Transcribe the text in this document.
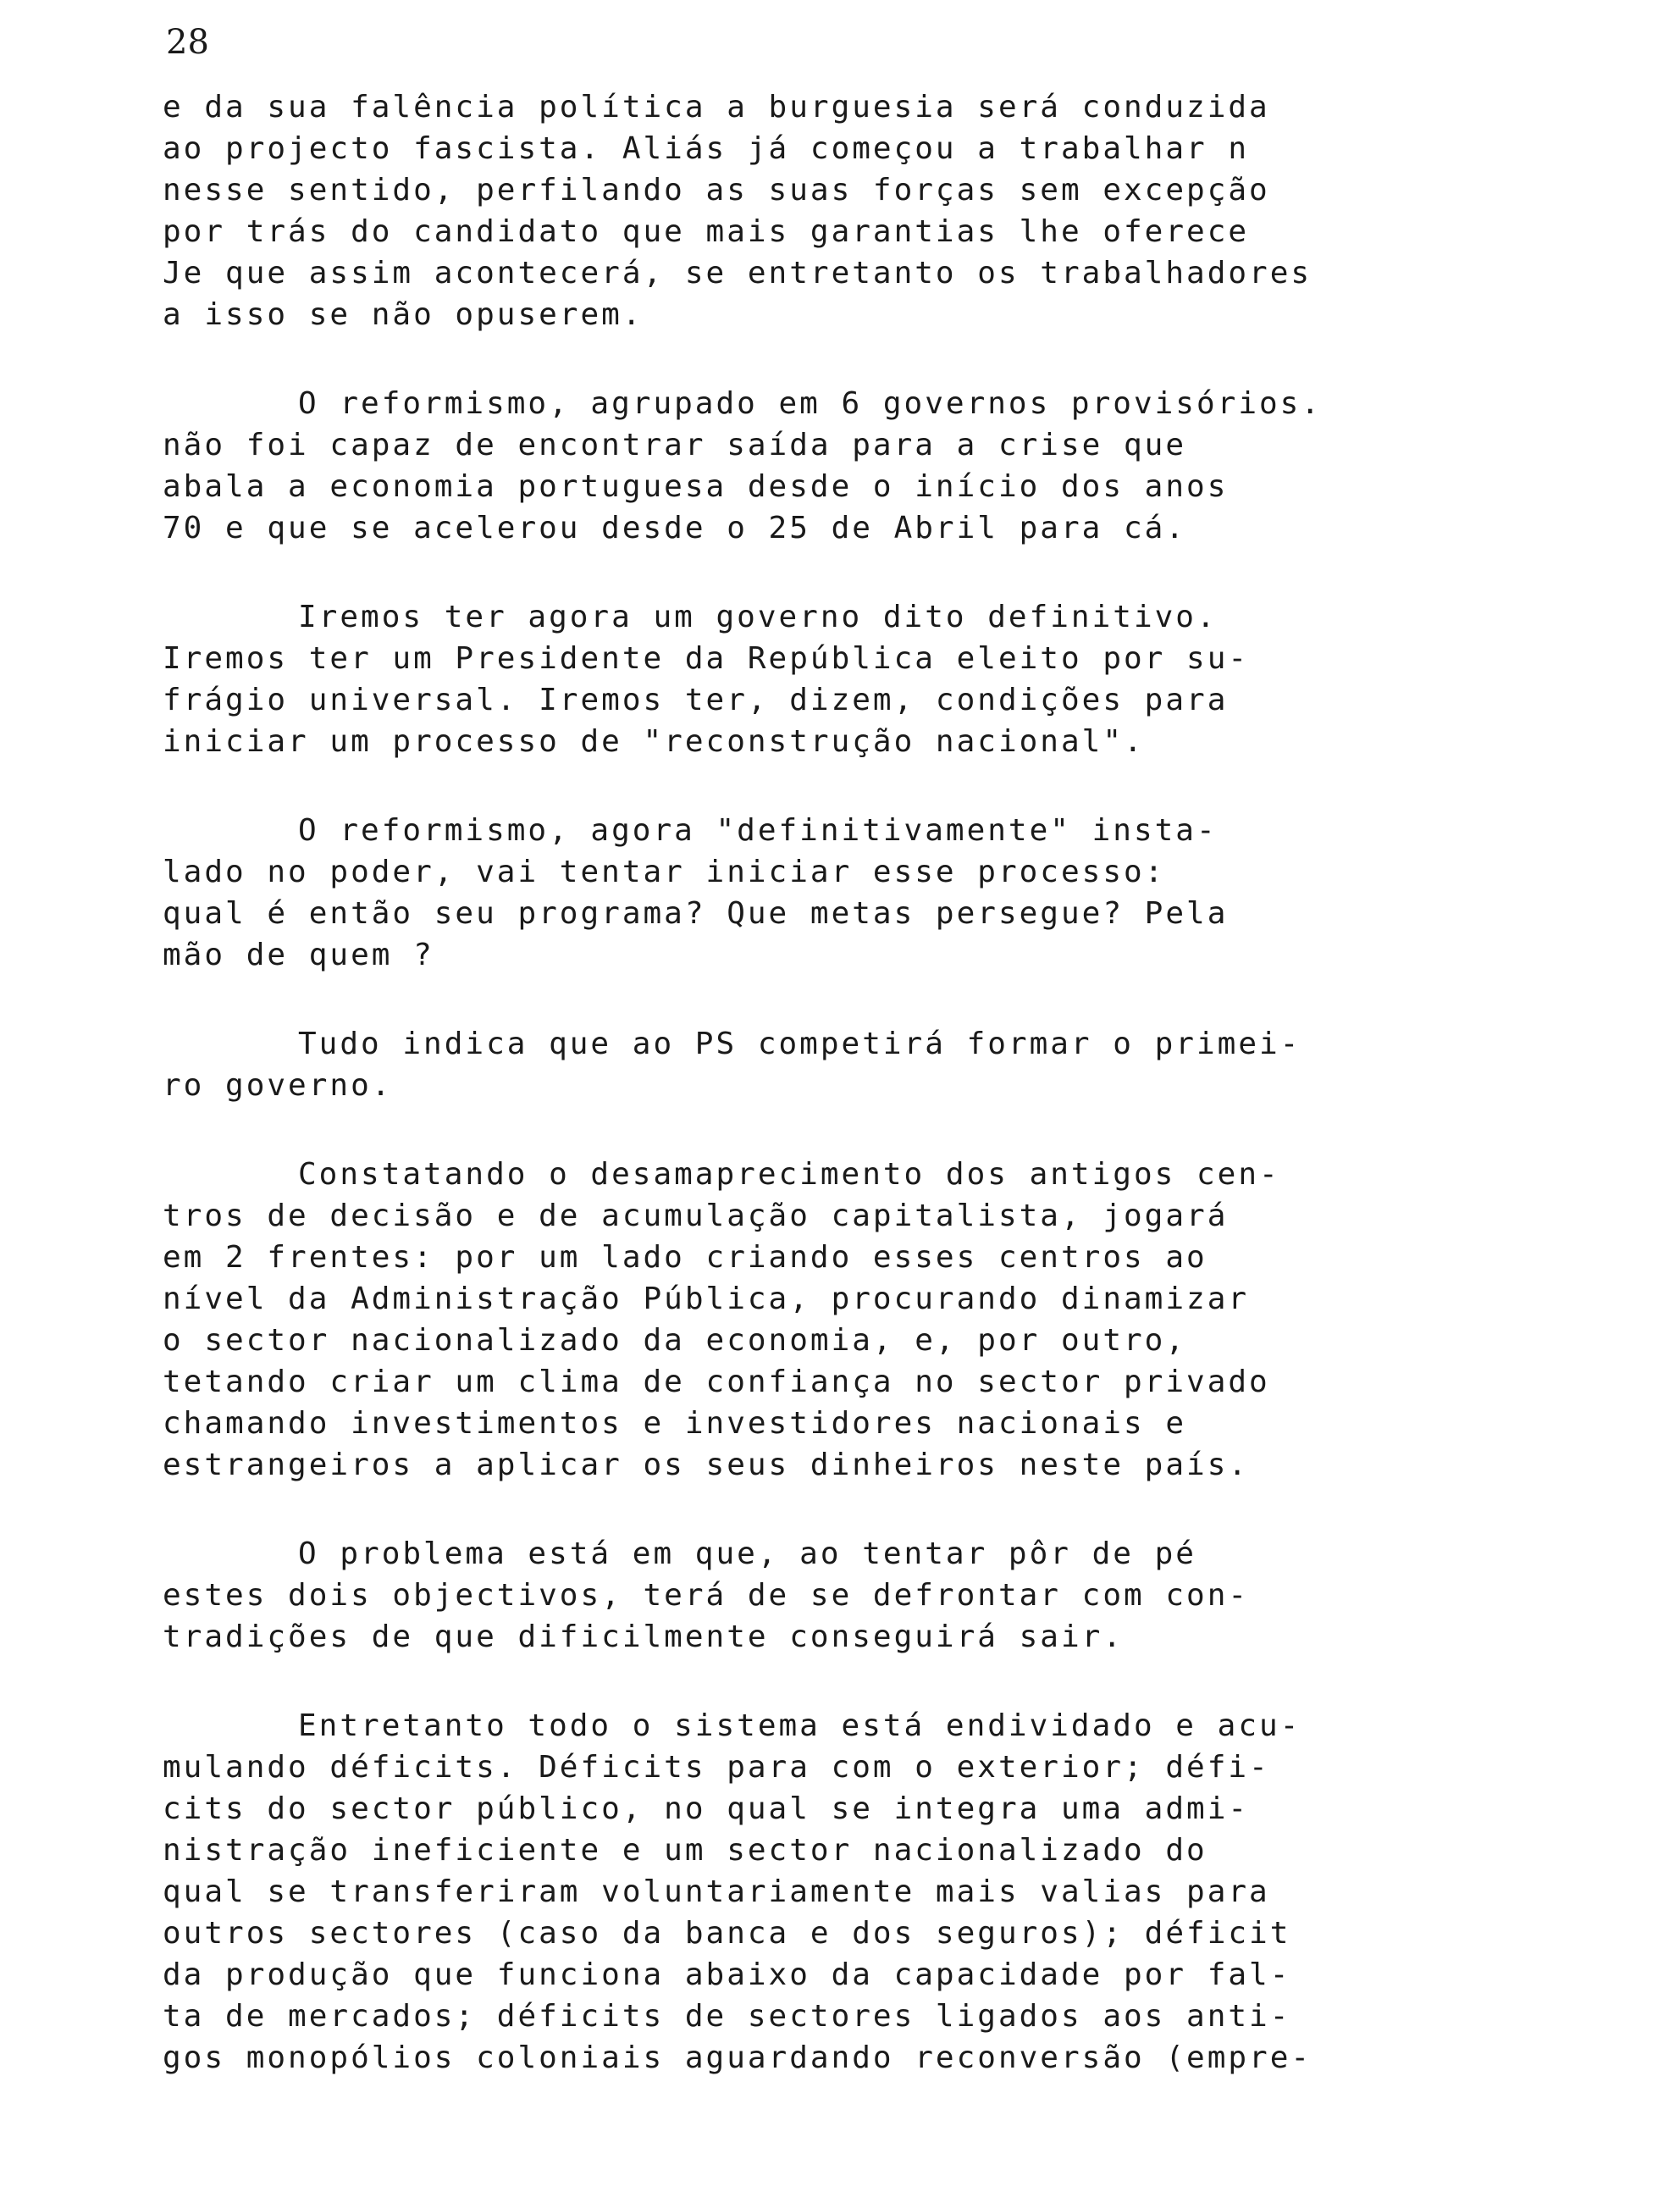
28
e da sua falência política a burguesia será conduzida
ao projecto fascista. Aliás já começou a trabalhar n
nesse sentido, perfilando as suas forças sem excepção
por trás do candidato que mais garantias lhe oferece
Je que assim acontecerá, se entretanto os trabalhadores
a isso se não opuserem.
O reformismo, agrupado em 6 governos provisórios.
não foi capaz de encontrar saída para a crise que
abala a economia portuguesa desde o início dos anos
70 e que se acelerou desde o 25 de Abril para cá.
Iremos ter agora um governo dito definitivo.
Iremos ter um Presidente da República eleito por su-
frágio universal. Iremos ter, dizem, condições para
iniciar um processo de "reconstrução nacional".
O reformismo, agora "definitivamente" insta-
lado no poder, vai tentar iniciar esse processo:
qual é então seu programa? Que metas persegue? Pela
mão de quem ?
Tudo indica que ao PS competirá formar o primei-
ro governo.
Constatando o desamaprecimento dos antigos cen-
tros de decisão e de acumulação capitalista, jogará
em 2 frentes: por um lado criando esses centros ao
nível da Administração Pública, procurando dinamizar
o sector nacionalizado da economia, e, por outro,
tetando criar um clima de confiança no sector privado
chamando investimentos e investidores nacionais e
estrangeiros a aplicar os seus dinheiros neste país.
O problema está em que, ao tentar pôr de pé
estes dois objectivos, terá de se defrontar com con-
tradições de que dificilmente conseguirá sair.
Entretanto todo o sistema está endividado e acu-
mulando déficits. Déficits para com o exterior; défi-
cits do sector público, no qual se integra uma admi-
nistração ineficiente e um sector nacionalizado do
qual se transferiram voluntariamente mais valias para
outros sectores (caso da banca e dos seguros); déficit
da produção que funciona abaixo da capacidade por fal-
ta de mercados; déficits de sectores ligados aos anti-
gos monopólios coloniais aguardando reconversão (empre-
